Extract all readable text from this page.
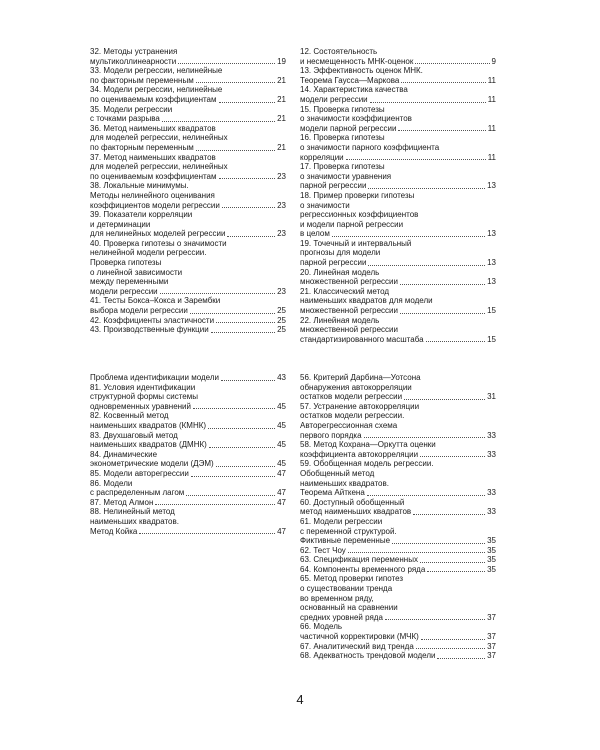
32. Методы устранения
мультиколлинеарности	19
33. Модели регрессии, нелинейные
по факторным переменным	21
34. Модели регрессии, нелинейные
по оцениваемым коэффициентам	21
35. Модели регрессии
с точками разрыва	21
36. Метод наименьших квадратов
для моделей регрессии, нелинейных
по факторным переменным	21
37. Метод наименьших квадратов
для моделей регрессии, нелинейных
по оцениваемым коэффициентам	23
38. Локальные минимумы.
Методы нелинейного оценивания
коэффициентов модели регрессии	23
39. Показатели корреляции
и детерминации
для нелинейных моделей регрессии	23
40. Проверка гипотезы о значимости
нелинейной модели регрессии.
Проверка гипотезы
о линейной зависимости
между переменными
модели регрессии	23
41. Тесты Бокса–Кокса и Зарембки
выбора модели регрессии	25
42. Коэффициенты эластичности	25
43. Производственные функции	25
12. Состоятельность
и несмещенность МНК-оценок	9
13. Эффективность оценок МНК.
Теорема Гаусса—Маркова	11
14. Характеристика качества
модели регрессии	11
15. Проверка гипотезы
о значимости коэффициентов
модели парной регрессии	11
16. Проверка гипотезы
о значимости парного коэффициента
корреляции	11
17. Проверка гипотезы
о значимости уравнения
парной регрессии	13
18. Пример проверки гипотезы
о значимости
регрессионных коэффициентов
и модели парной регрессии
в целом	13
19. Точечный и интервальный
прогнозы для модели
парной регрессии	13
20. Линейная модель
множественной регрессии	13
21. Классический метод
наименьших квадратов для модели
множественной регрессии	15
22. Линейная модель
множественной регрессии
стандартизированного масштаба	15
Проблема идентификации модели	43
81. Условия идентификации
структурной формы системы
одновременных уравнений	45
82. Косвенный метод
наименьших квадратов (КМНК)	45
83. Двухшаговый метод
наименьших квадратов (ДМНК)	45
84. Динамические
эконометрические модели (ДЭМ)	45
85. Модели авторегрессии	47
86. Модели
с распределенным лагом	47
87. Метод Алмон	47
88. Нелинейный метод
наименьших квадратов.
Метод Койка	47
56. Критерий Дарбина—Уотсона
обнаружения автокорреляции
остатков модели регрессии	31
57. Устранение автокорреляции
остатков модели регрессии.
Авторегрессионная схема
первого порядка	33
58. Метод Кохрана—Оркутта оценки
коэффициента автокорреляции	33
59. Обобщенная модель регрессии.
Обобщенный метод
наименьших квадратов.
Теорема Айткена	33
60. Доступный обобщенный
метод наименьших квадратов	33
61. Модели регрессии
с переменной структурой.
Фиктивные переменные	35
62. Тест Чоу	35
63. Спецификация переменных	35
64. Компоненты временного ряда	35
65. Метод проверки гипотез
о существовании тренда
во временном ряду,
основанный на сравнении
средних уровней ряда	37
66. Модель
частичной корректировки (МЧК)	37
67. Аналитический вид тренда	37
68. Адекватность трендовой модели	37
4
